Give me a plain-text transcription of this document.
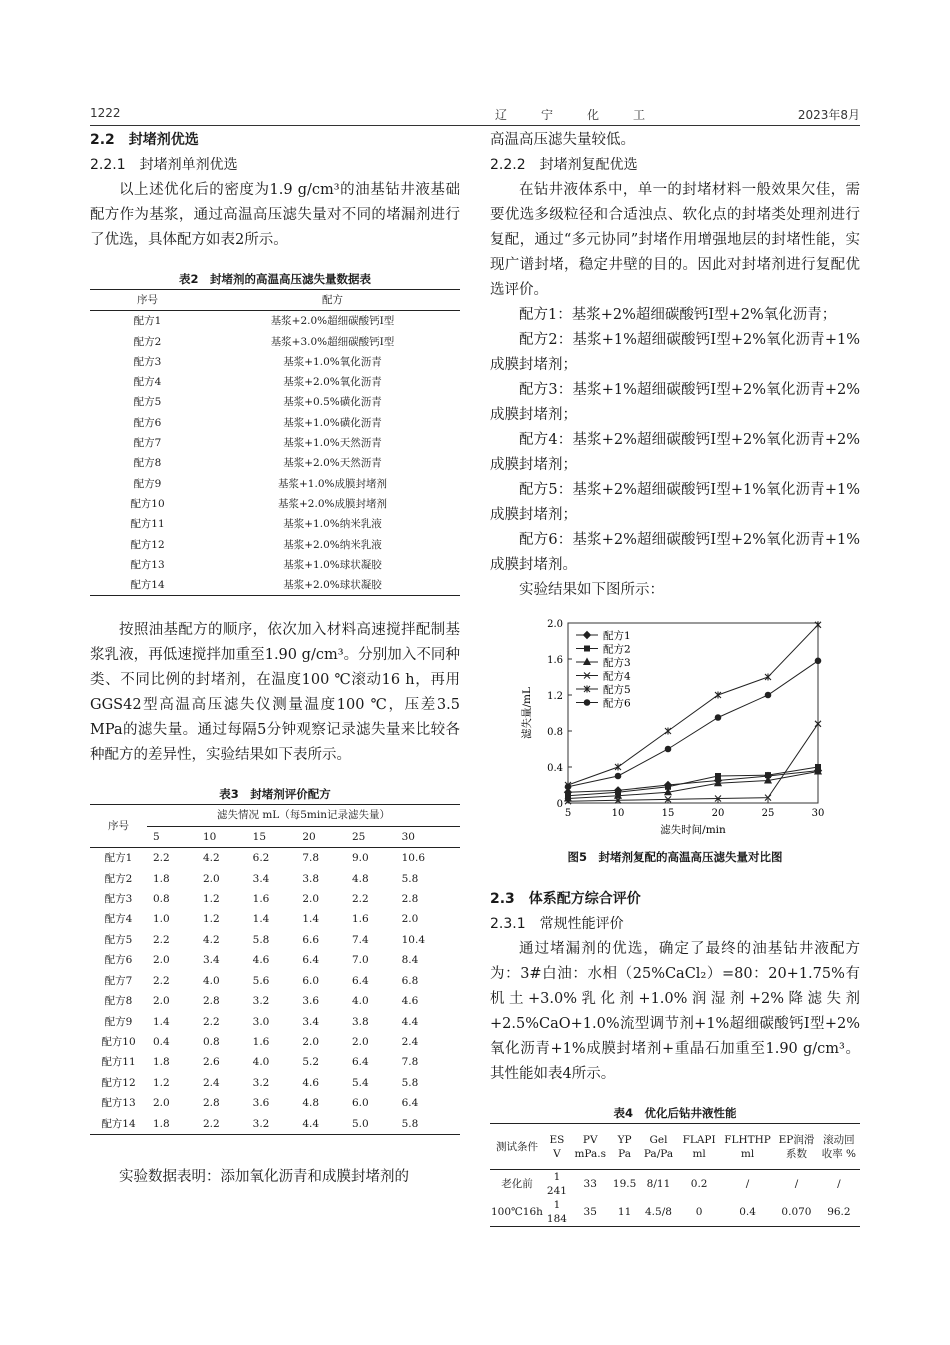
1222	辽宁化工	2023年8月
2.2　封堵剂优选
2.2.1　封堵剂单剂优选

以上述优化后的密度为1.9 g/cm³的油基钻井液基础配方作为基浆，通过高温高压滤失量对不同的堵漏剂进行了优选，具体配方如表2所示。

表2　封堵剂的高温高压滤失量数据表
序号	配方
配方1	基浆+2.0%超细碳酸钙Ⅰ型
配方2	基浆+3.0%超细碳酸钙Ⅰ型
配方3	基浆+1.0%氧化沥青
配方4	基浆+2.0%氧化沥青
配方5	基浆+0.5%磺化沥青
配方6	基浆+1.0%磺化沥青
配方7	基浆+1.0%天然沥青
配方8	基浆+2.0%天然沥青
配方9	基浆+1.0%成膜封堵剂
配方10	基浆+2.0%成膜封堵剂
配方11	基浆+1.0%纳米乳液
配方12	基浆+2.0%纳米乳液
配方13	基浆+1.0%球状凝胶
配方14	基浆+2.0%球状凝胶

按照油基配方的顺序，依次加入材料高速搅拌配制基浆乳液，再低速搅拌加重至1.90 g/cm³。分别加入不同种类、不同比例的封堵剂，在温度100 ℃滚动16 h，再用GGS42型高温高压滤失仪测量温度100 ℃，压差3.5 MPa的滤失量。通过每隔5分钟观察记录滤失量来比较各种配方的差异性，实验结果如下表所示。

表3　封堵剂评价配方
序号	滤失情况 mL（每5min记录滤失量）					
	5	10	15	20	25	30
配方1	2.2	4.2	6.2	7.8	9.0	10.6
配方2	1.8	2.0	3.4	3.8	4.8	5.8
配方3	0.8	1.2	1.6	2.0	2.2	2.8
配方4	1.0	1.2	1.4	1.4	1.6	2.0
配方5	2.2	4.2	5.8	6.6	7.4	10.4
配方6	2.0	3.4	4.6	6.4	7.0	8.4
配方7	2.2	4.0	5.6	6.0	6.4	6.8
配方8	2.0	2.8	3.2	3.6	4.0	4.6
配方9	1.4	2.2	3.0	3.4	3.8	4.4
配方10	0.4	0.8	1.6	2.0	2.0	2.4
配方11	1.8	2.6	4.0	5.2	6.4	7.8
配方12	1.2	2.4	3.2	4.6	5.4	5.8
配方13	2.0	2.8	3.6	4.8	6.0	6.4
配方14	1.8	2.2	3.2	4.4	5.0	5.8

实验数据表明：添加氧化沥青和成膜封堵剂的

高温高压滤失量较低。

2.2.2　封堵剂复配优选

在钻井液体系中，单一的封堵材料一般效果欠佳，需要优选多级粒径和合适浊点、软化点的封堵类处理剂进行复配，通过“多元协同”封堵作用增强地层的封堵性能，实现广谱封堵，稳定井壁的目的。因此对封堵剂进行复配优选评价。

配方1：基浆+2%超细碳酸钙Ⅰ型+2%氧化沥青；

配方2：基浆+1%超细碳酸钙Ⅰ型+2%氧化沥青+1%成膜封堵剂；

配方3：基浆+1%超细碳酸钙Ⅰ型+2%氧化沥青+2%成膜封堵剂；

配方4：基浆+2%超细碳酸钙Ⅰ型+2%氧化沥青+2%成膜封堵剂；

配方5：基浆+2%超细碳酸钙Ⅰ型+1%氧化沥青+1%成膜封堵剂；

配方6：基浆+2%超细碳酸钙Ⅰ型+2%氧化沥青+1%成膜封堵剂。

实验结果如下图所示：

0
0.4
0.8
1.2
1.6
2.0
5	10	15	20	25	30
滤失时间/min
滤失量/mL
配方1
配方2
配方3
配方4
配方5
配方6
图5　封堵剂复配的高温高压滤失量对比图
2.3　体系配方综合评价
2.3.1　常规性能评价

通过堵漏剂的优选，确定了最终的油基钻井液配方为：3#白油：水相（25%CaCl₂）=80：20+1.75%有机土+3.0%乳化剂+1.0%润湿剂+2%降滤失剂+2.5%CaO+1.0%流型调节剂+1%超细碳酸钙Ⅰ型+2%氧化沥青+1%成膜封堵剂+重晶石加重至1.90 g/cm³。其性能如表4所示。

表4　优化后钻井液性能
测试条件	ES V	PV mPa.s	YP Pa	Gel Pa/Pa	FLAPI ml	FLHTHP ml	EP润滑系数	滚动回收率 %
老化前	1 241	33	19.5	8/11	0.2	/	/	/
100℃16h	1 184	35	11	4.5/8	0	0.4	0.070	96.2
